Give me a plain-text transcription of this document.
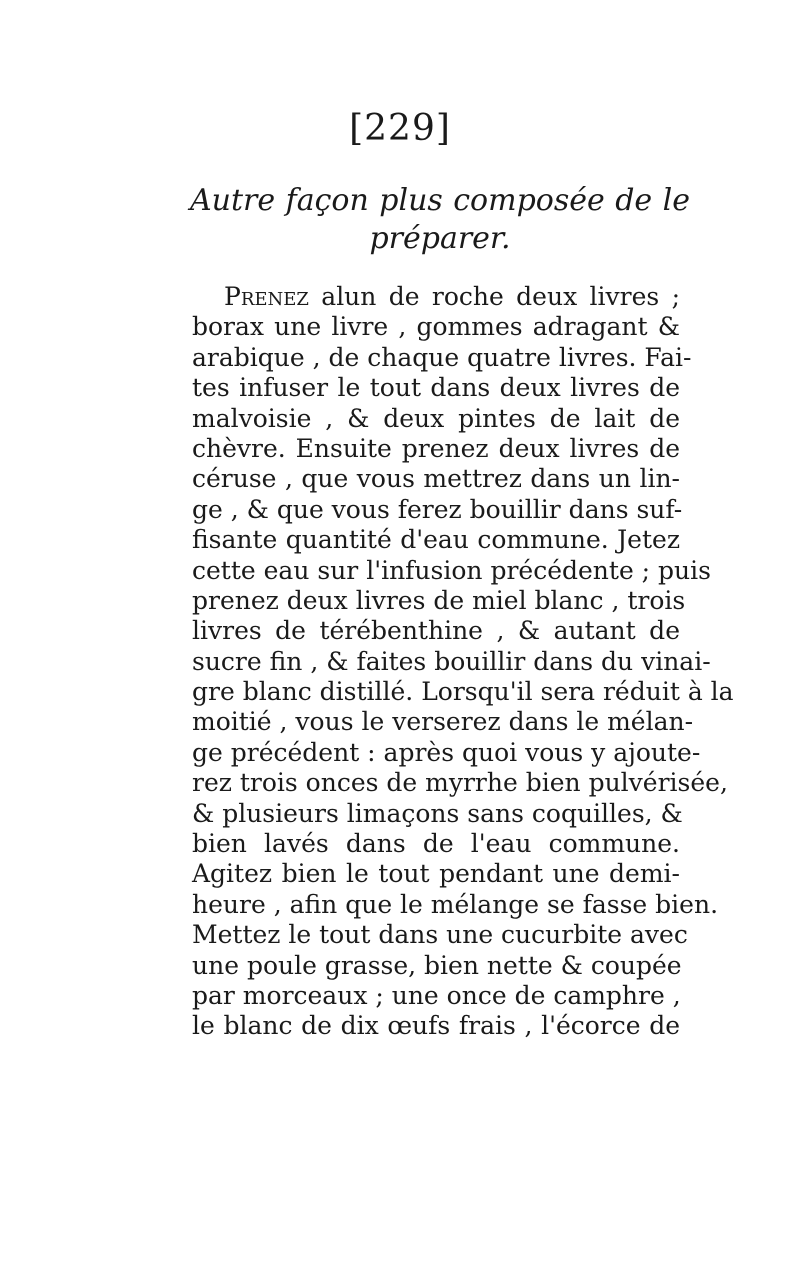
[229]
Autre façon plus composée de le
préparer.
Prenez alun de roche deux livres ;
borax une livre , gommes adragant &
arabique , de chaque quatre livres. Fai-
tes infuser le tout dans deux livres de
malvoisie , & deux pintes de lait de
chèvre. Ensuite prenez deux livres de
céruse , que vous mettrez dans un lin-
ge , & que vous ferez bouillir dans suf-
fisante quantité d'eau commune. Jetez
cette eau sur l'infusion précédente ; puis
prenez deux livres de miel blanc , trois
livres de térébenthine , & autant de
sucre fin , & faites bouillir dans du vinai-
gre blanc distillé. Lorsqu'il sera réduit à la
moitié , vous le verserez dans le mélan-
ge précédent : après quoi vous y ajoute-
rez trois onces de myrrhe bien pulvérisée,
& plusieurs limaçons sans coquilles, &
bien lavés dans de l'eau commune.
Agitez bien le tout pendant une demi-
heure , afin que le mélange se fasse bien.
Mettez le tout dans une cucurbite avec
une poule grasse, bien nette & coupée
par morceaux ; une once de camphre ,
le blanc de dix œufs frais , l'écorce de
